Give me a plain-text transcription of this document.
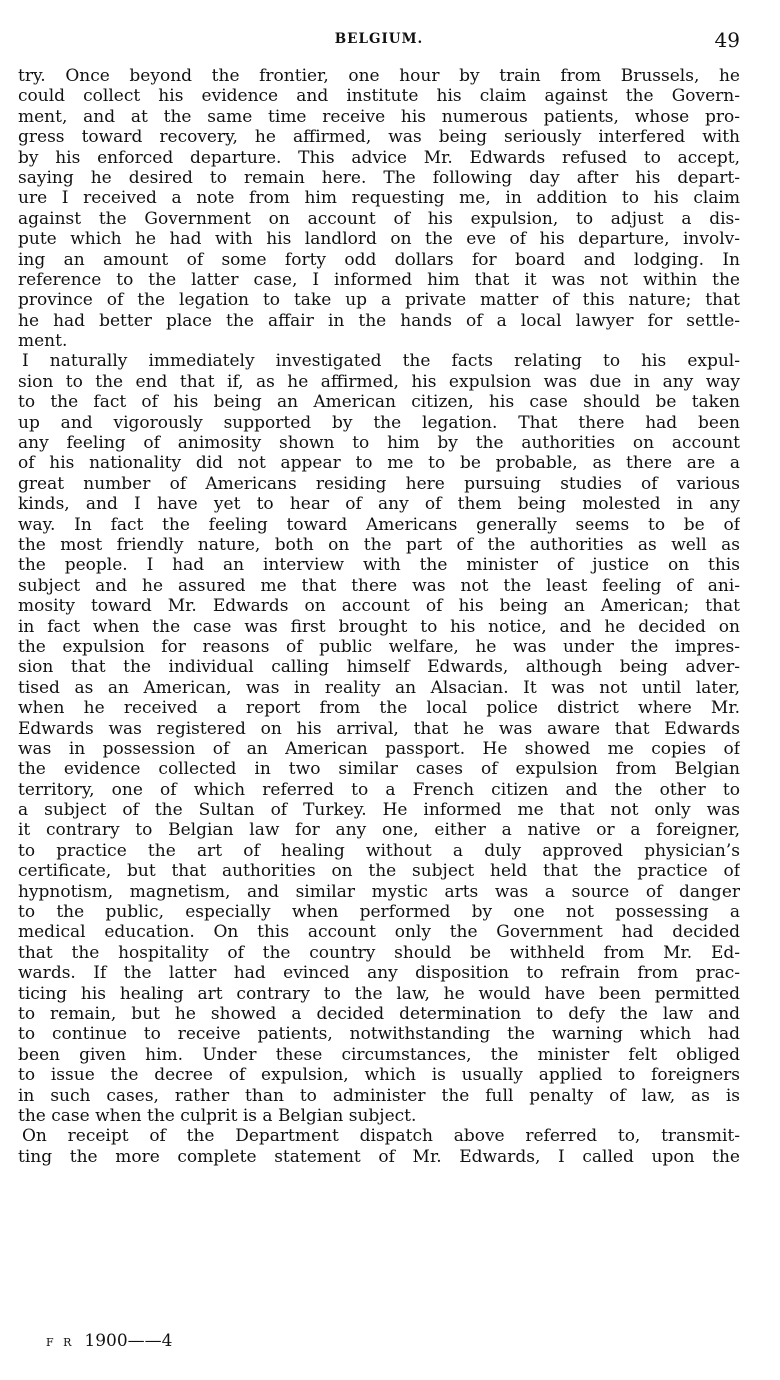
BELGIUM.	49
try. Once beyond the frontier, one hour by train from Brussels, he
could collect his evidence and institute his claim against the Govern-
ment, and at the same time receive his numerous patients, whose pro-
gress toward recovery, he affirmed, was being seriously interfered with
by his enforced departure. This advice Mr. Edwards refused to accept,
saying he desired to remain here. The following day after his depart-
ure I received a note from him requesting me, in addition to his claim
against the Government on account of his expulsion, to adjust a dis-
pute which he had with his landlord on the eve of his departure, involv-
ing an amount of some forty odd dollars for board and lodging. In
reference to the latter case, I informed him that it was not within the
province of the legation to take up a private matter of this nature; that
he had better place the affair in the hands of a local lawyer for settle-
ment.
I naturally immediately investigated the facts relating to his expul-
sion to the end that if, as he affirmed, his expulsion was due in any way
to the fact of his being an American citizen, his case should be taken
up and vigorously supported by the legation. That there had been
any feeling of animosity shown to him by the authorities on account
of his nationality did not appear to me to be probable, as there are a
great number of Americans residing here pursuing studies of various
kinds, and I have yet to hear of any of them being molested in any
way. In fact the feeling toward Americans generally seems to be of
the most friendly nature, both on the part of the authorities as well as
the people. I had an interview with the minister of justice on this
subject and he assured me that there was not the least feeling of ani-
mosity toward Mr. Edwards on account of his being an American; that
in fact when the case was first brought to his notice, and he decided on
the expulsion for reasons of public welfare, he was under the impres-
sion that the individual calling himself Edwards, although being adver-
tised as an American, was in reality an Alsacian. It was not until later,
when he received a report from the local police district where Mr.
Edwards was registered on his arrival, that he was aware that Edwards
was in possession of an American passport. He showed me copies of
the evidence collected in two similar cases of expulsion from Belgian
territory, one of which referred to a French citizen and the other to
a subject of the Sultan of Turkey. He informed me that not only was
it contrary to Belgian law for any one, either a native or a foreigner,
to practice the art of healing without a duly approved physician’s
certificate, but that authorities on the subject held that the practice of
hypnotism, magnetism, and similar mystic arts was a source of danger
to the public, especially when performed by one not possessing a
medical education. On this account only the Government had decided
that the hospitality of the country should be withheld from Mr. Ed-
wards. If the latter had evinced any disposition to refrain from prac-
ticing his healing art contrary to the law, he would have been permitted
to remain, but he showed a decided determination to defy the law and
to continue to receive patients, notwithstanding the warning which had
been given him. Under these circumstances, the minister felt obliged
to issue the decree of expulsion, which is usually applied to foreigners
in such cases, rather than to administer the full penalty of law, as is
the case when the culprit is a Belgian subject.
On receipt of the Department dispatch above referred to, transmit-
ting the more complete statement of Mr. Edwards, I called upon the
F R 1900——4
